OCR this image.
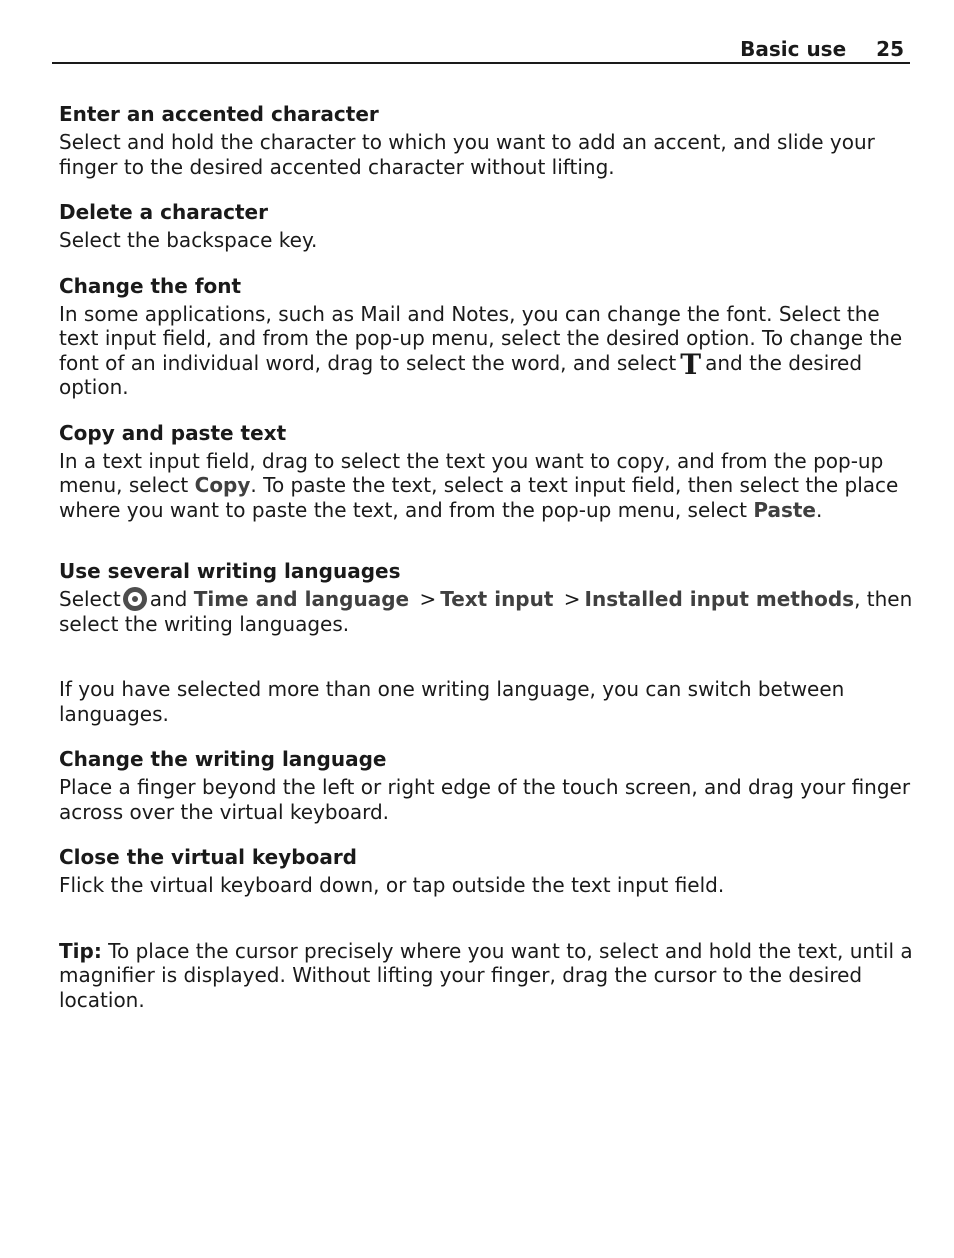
Basic use 25
Enter an accented character

Select and hold the character to which you want to add an accent, and slide your finger to the desired accented character without lifting.

Delete a character

Select the backspace key.

Change the font

In some applications, such as Mail and Notes, you can change the font. Select the text input field, and from the pop-up menu, select the desired option. To change the font of an individual word, drag to select the word, and select T and the desired option.

Copy and paste text

In a text input field, drag to select the text you want to copy, and from the pop-up menu, select Copy. To paste the text, select a text input field, then select the place where you want to paste the text, and from the pop-up menu, select Paste.

Use several writing languages

Select and Time and language > Text input > Installed input methods, then select the writing languages.

If you have selected more than one writing language, you can switch between languages.

Change the writing language

Place a finger beyond the left or right edge of the touch screen, and drag your finger across over the virtual keyboard.

Close the virtual keyboard

Flick the virtual keyboard down, or tap outside the text input field.

Tip: To place the cursor precisely where you want to, select and hold the text, until a magnifier is displayed. Without lifting your finger, drag the cursor to the desired location.
